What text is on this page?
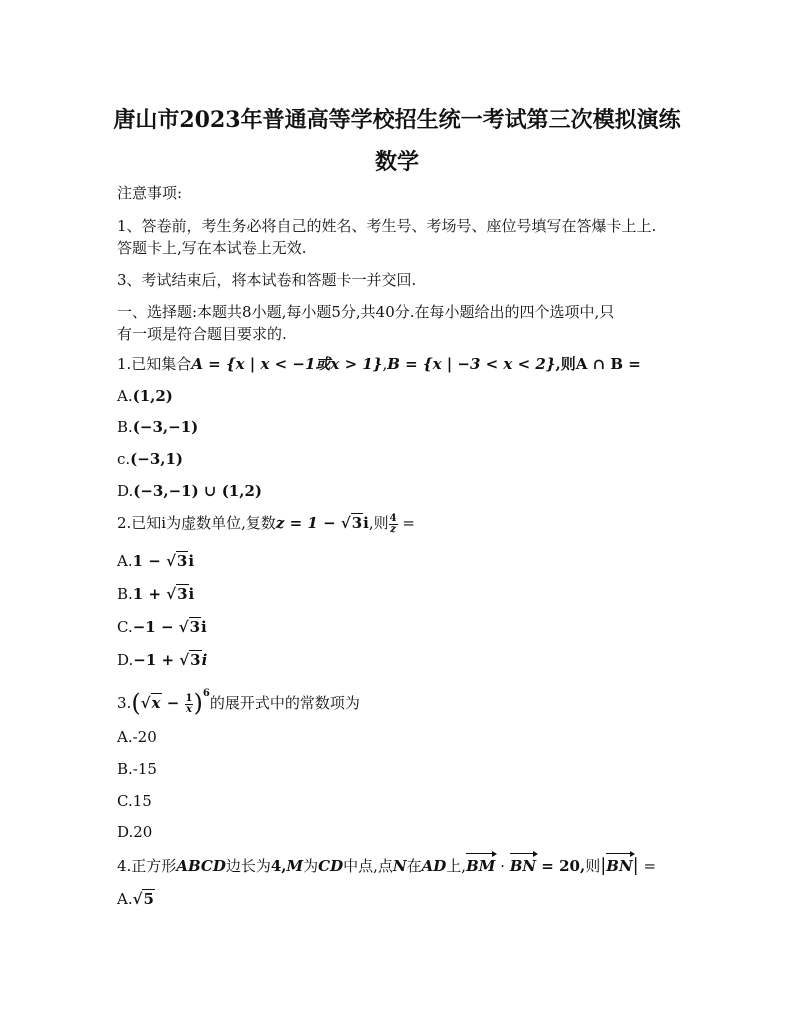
唐山市2023年普通高等学校招生统一考试第三次模拟演练
数学
注意事项:
1、答卷前，考生务必将自己的姓名、考生号、考场号、座位号填写在答爆卡上上.
答题卡上,写在本试卷上无效.
3、考试结束后，将本试卷和答题卡一并交回.
一、选择题:本题共8小题,每小题5分,共40分.在每小题给出的四个选项中,只
有一项是符合题目要求的.
1.已知集合A = {x | x < −1或x > 1},B = {x | −3 < x < 2},则A ∩ B =
A.(1,2)
B.(−3,−1)
c.(−3,1)
D.(−3,−1) ∪ (1,2)
2.已知i为虚数单位,复数z = 1 − √3i,则 $\frac{4}{z}$ =
A.1 − √3i
B.1 + √3i
C.−1 − √3i
D.−1 + √3i
$3.(√x - \frac{1}{x} )^6$的展开式中的常数项为
A.-20
B.-15
C.15
D.20
4.正方形ABCD边长为4,M为CD中点,点N在AD上,
BM ·
BN = 20,则|
BN| =
A.√5
